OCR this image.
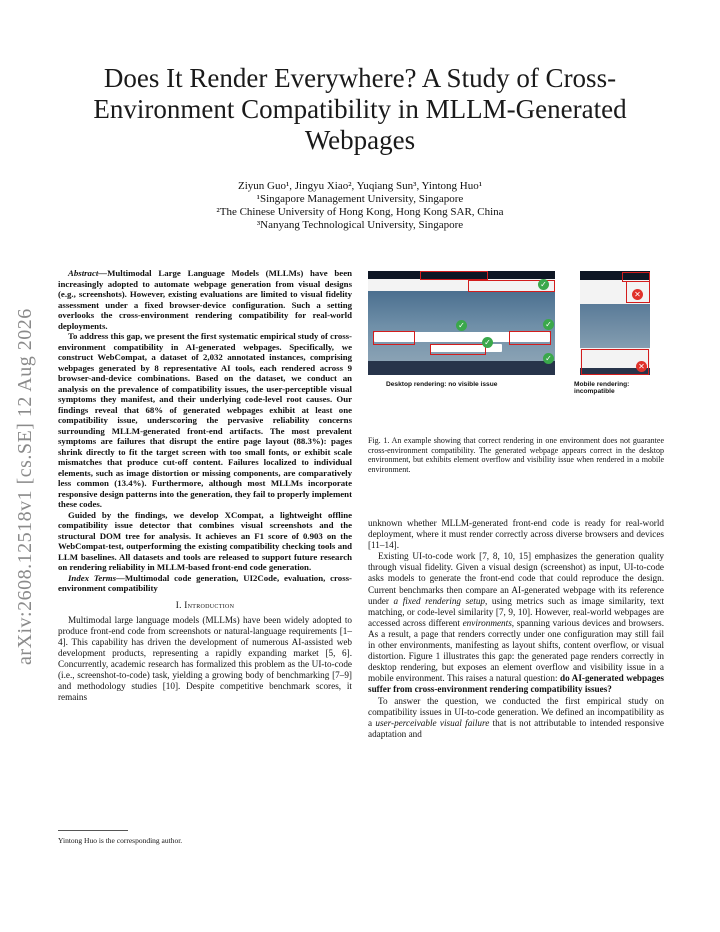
arXiv:2608.12518v1 [cs.SE] 12 Aug 2026
Does It Render Everywhere? A Study of Cross-Environment Compatibility in MLLM-Generated Webpages
Ziyun Guo¹, Jingyu Xiao², Yuqiang Sun³, Yintong Huo¹
¹Singapore Management University, Singapore
²The Chinese University of Hong Kong, Hong Kong SAR, China
³Nanyang Technological University, Singapore

Abstract—Multimodal Large Language Models (MLLMs) have been increasingly adopted to automate webpage generation from visual designs (e.g., screenshots). However, existing evaluations are limited to visual fidelity assessment under a fixed browser-device configuration. Such a setting overlooks the cross-environment rendering compatibility for real-world deployments.

To address this gap, we present the first systematic empirical study of cross-environment compatibility in AI-generated webpages. Specifically, we construct WebCompat, a dataset of 2,032 annotated instances, comprising webpages generated by 8 representative AI tools, each rendered across 9 browser-and-device combinations. Based on the dataset, we conduct an analysis on the prevalence of compatibility issues, the user-perceptible visual symptoms they manifest, and their underlying code-level root causes. Our findings reveal that 68% of generated webpages exhibit at least one compatibility issue, underscoring the pervasive reliability concerns surrounding MLLM-generated front-end artifacts. The most prevalent symptoms are failures that disrupt the entire page layout (88.3%): pages shrink directly to fit the target screen with too small fonts, or exhibit scale mismatches that produce cut-off content. Failures localized to individual elements, such as image distortion or missing components, are comparatively less common (13.4%). Furthermore, although most MLLMs incorporate responsive design patterns into the generation, they fail to properly implement these codes.

Guided by the findings, we develop XCompat, a lightweight offline compatibility issue detector that combines visual screenshots and the structural DOM tree for analysis. It achieves an F1 score of 0.903 on the WebCompat-test, outperforming the existing compatibility checking tools and LLM baselines. All datasets and tools are released to support future research on rendering reliability in MLLM-based front-end code generation.

Index Terms—Multimodal code generation, UI2Code, evaluation, cross-environment compatibility

I. Introduction

Multimodal large language models (MLLMs) have been widely adopted to produce front-end code from screenshots or natural-language requirements [1–4]. This capability has driven the development of numerous AI-assisted web development products, representing a rapidly expanding market [5, 6]. Concurrently, academic research has formalized this problem as the UI-to-code (i.e., screenshot-to-code) task, yielding a growing body of benchmarking [7–9] and methodology studies [10]. Despite competitive benchmark scores, it remains

Yintong Huo is the corresponding author.
✓
✓	✓
✓
✓
✕
✕
Desktop rendering: no visible issue	Mobile rendering: incompatible
Fig. 1. An example showing that correct rendering in one environment does not guarantee cross-environment compatibility. The generated webpage appears correct in the desktop environment, but exhibits element overflow and visibility issue when rendered in a mobile environment.

unknown whether MLLM-generated front-end code is ready for real-world deployment, where it must render correctly across diverse browsers and devices [11–14].

Existing UI-to-code work [7, 8, 10, 15] emphasizes the generation quality through visual fidelity. Given a visual design (screenshot) as input, UI-to-code asks models to generate the front-end code that could reproduce the design. Current benchmarks then compare an AI-generated webpage with its reference under a fixed rendering setup, using metrics such as image similarity, text matching, or code-level similarity [7, 9, 10]. However, real-world webpages are accessed across different environments, spanning various devices and browsers. As a result, a page that renders correctly under one configuration may still fail in other environments, manifesting as layout shifts, content overflow, or visual distortion. Figure 1 illustrates this gap: the generated page renders correctly in desktop rendering, but exposes an element overflow and visibility issue in a mobile environment. This raises a natural question: do AI-generated webpages suffer from cross-environment rendering compatibility issues?

To answer the question, we conducted the first empirical study on compatibility issues in UI-to-code generation. We defined an incompatibility as a user-perceivable visual failure that is not attributable to intended responsive adaptation and
